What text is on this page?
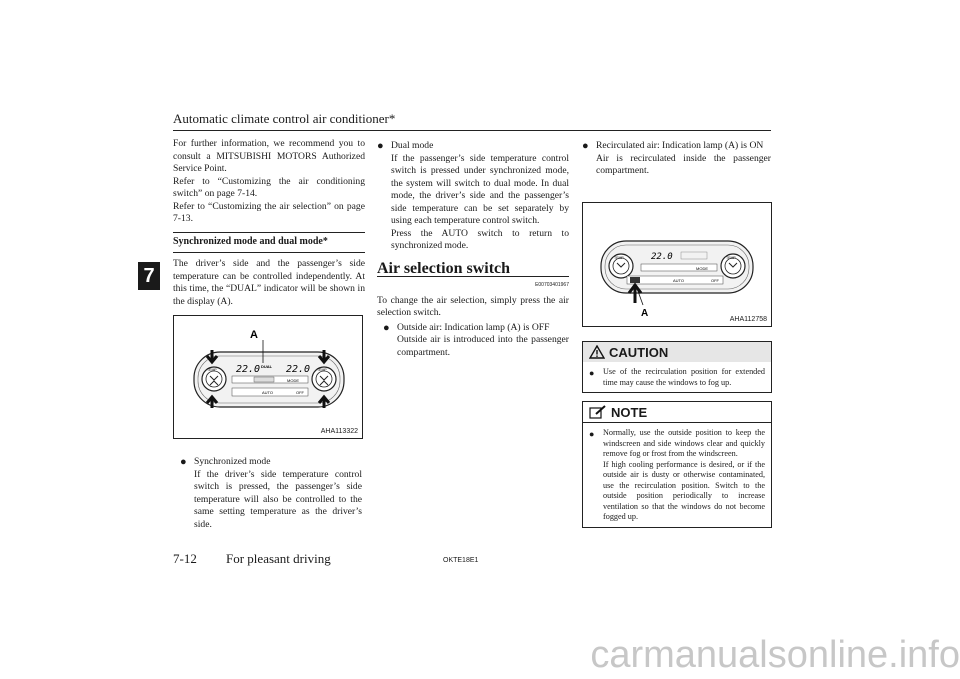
Automatic climate control air conditioner*
7

For further information, we recommend you to consult a MITSUBISHI MOTORS Authorized Service Point.

Refer to “Customizing the air conditioning switch” on page 7-14.

Refer to “Customizing the air selection” on page 7-13.

Synchronized mode and dual mode*

The driver’s side and the passenger’s side temperature can be controlled independently. At this time, the “DUAL” indicator will be shown in the display (A).

TEMP	TEMP
22.0	22.0
DUAL
MODE
AUTO	OFF
A
AHA113322
● Synchronized mode

If the driver’s side temperature control switch is pressed, the passenger’s side temperature will also be controlled to the same setting temperature as the driver’s side.

● Dual mode

If the passenger’s side temperature control switch is pressed under synchronized mode, the system will switch to dual mode. In dual mode, the driver’s side and the passenger’s side temperature can be set separately by using each temperature control switch.

Press the AUTO switch to return to synchronized mode.

Air selection switch
E00703401967

To change the air selection, simply press the air selection switch.

● Outside air: Indication lamp (A) is OFF

Outside air is introduced into the passenger compartment.

● Recirculated air: Indication lamp (A) is ON

Air is recirculated inside the passenger compartment.

TEMP	TEMP
22.0
MODE
AUTO	OFF
A
AHA112758
CAUTION
●	Use of the recirculation position for extended time may cause the windows to fog up.
NOTE
●	Normally, use the outside position to keep the windscreen and side windows clear and quickly remove fog or frost from the windscreen.

If high cooling performance is desired, or if the outside air is dusty or otherwise contaminated, use the recirculation position. Switch to the outside position periodically to increase ventilation so that the windows do not become fogged up.

7-12 For pleasant driving	OKTE18E1
carmanualsonline.info
